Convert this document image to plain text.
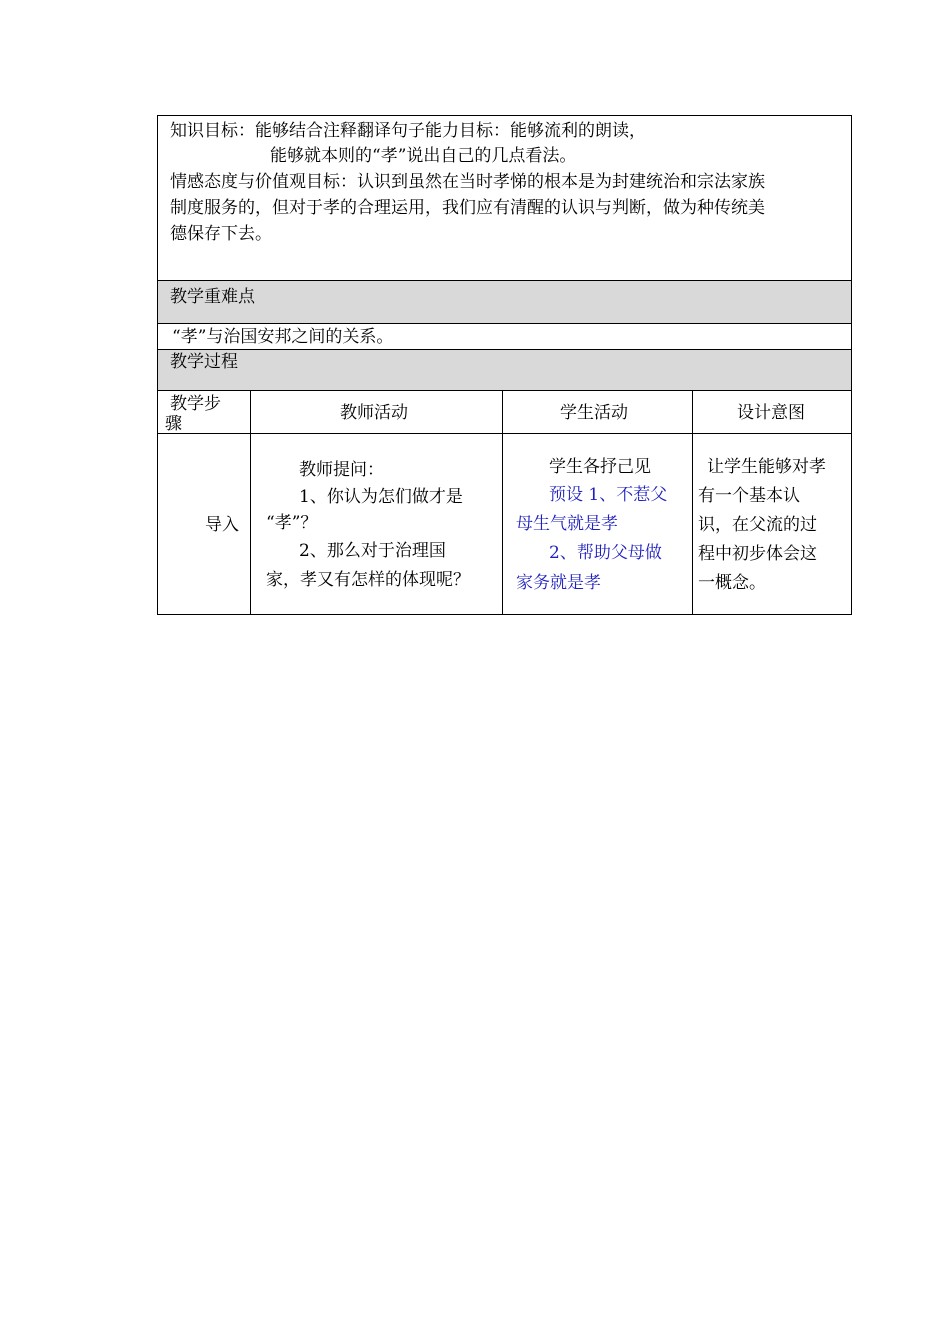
知识目标：能够结合注释翻译句子能力目标：能够流利的朗读，
能够就本则的“孝”说出自己的几点看法。
情感态度与价值观目标：认识到虽然在当时孝悌的根本是为封建统治和宗法家族
制度服务的，但对于孝的合理运用，我们应有清醒的认识与判断，做为种传统美
德保存下去。
教学重难点
“孝”与治国安邦之间的关系。
教学过程
教学步
骤
教师活动	学生活动	设计意图
导入
教师提问：
1、你认为怎们做才是
“孝”？
2、那么对于治理国
家，孝又有怎样的体现呢？
学生各抒己见
预设 1、不惹父
母生气就是孝
2、帮助父母做
家务就是孝
让学生能够对孝
有一个基本认
识，在父流的过
程中初步体会这
一概念。
